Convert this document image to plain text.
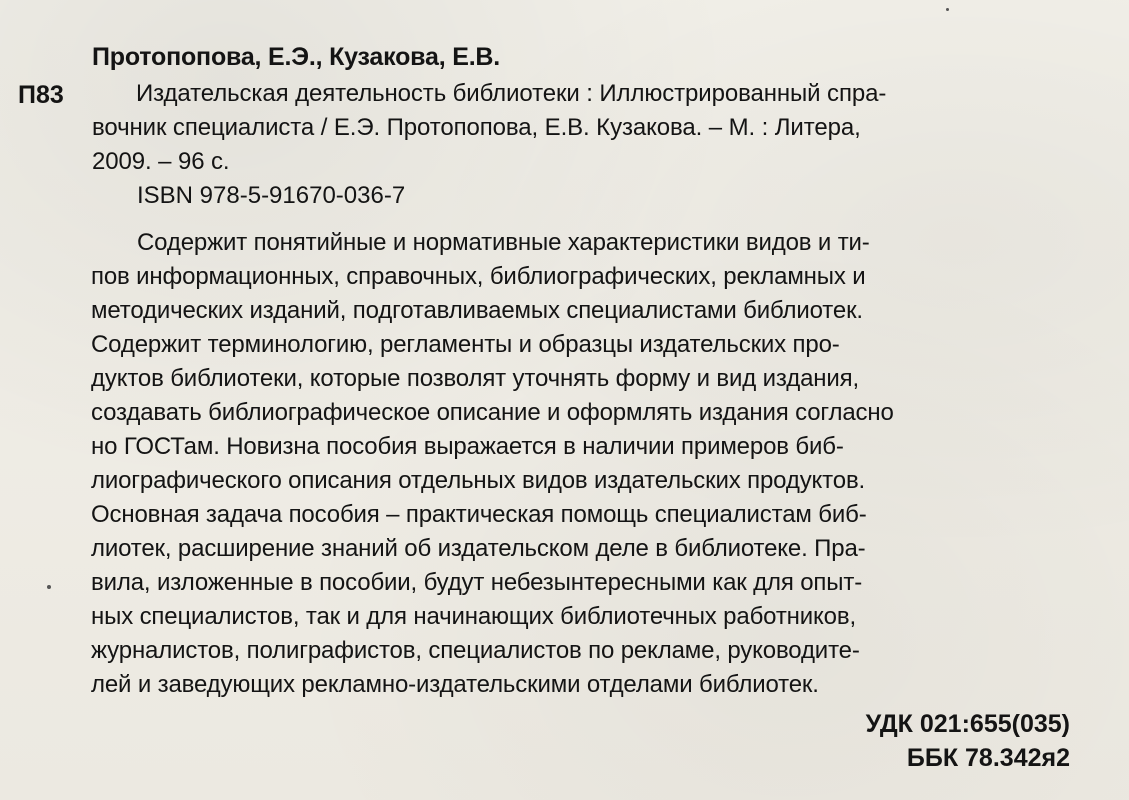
Протопопова, Е.Э., Кузакова, Е.В.
П83	Издательская деятельность библиотеки : Иллюстрированный спра-
вочник специалиста / Е.Э. Протопопова, Е.В. Кузакова. – М. : Литера,
2009. – 96 с.
ISBN 978-5-91670-036-7
Содержит понятийные и нормативные характеристики видов и ти-
пов информационных, справочных, библиографических, рекламных и
методических изданий, подготавливаемых специалистами библиотек.
Содержит терминологию, регламенты и образцы издательских про-
дуктов библиотеки, которые позволят уточнять форму и вид издания,
создавать библиографическое описание и оформлять издания согласно
но ГОСТам. Новизна пособия выражается в наличии примеров биб-
лиографического описания отдельных видов издательских продуктов.
Основная задача пособия – практическая помощь специалистам биб-
лиотек, расширение знаний об издательском деле в библиотеке. Пра-
вила, изложенные в пособии, будут небезынтересными как для опыт-
ных специалистов, так и для начинающих библиотечных работников,
журналистов, полиграфистов, специалистов по рекламе, руководите-
лей и заведующих рекламно-издательскими отделами библиотек.
УДК 021:655(035)
ББК 78.342я2
